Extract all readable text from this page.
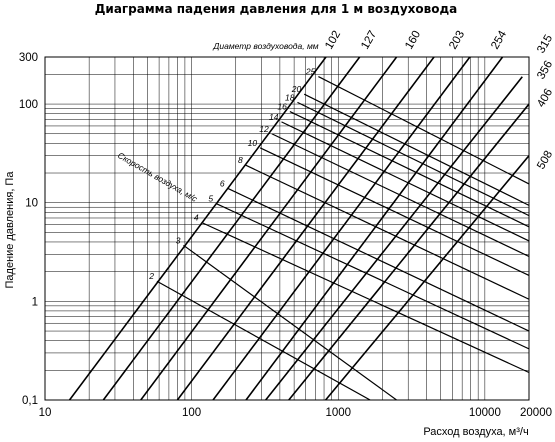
Диаграмма падения давления для 1 м воздуховода
Падение давления, Па
Расход воздуха, м³/ч
Диаметр воздуховода, мм
10	100	1000	10000 20000
0,1
1
10
100
300
102 127 160 203 254 315
356
406
508
2
3
4
5
6
8
10
12
14
16
18
20
25
Скорость воздуха, м/с
